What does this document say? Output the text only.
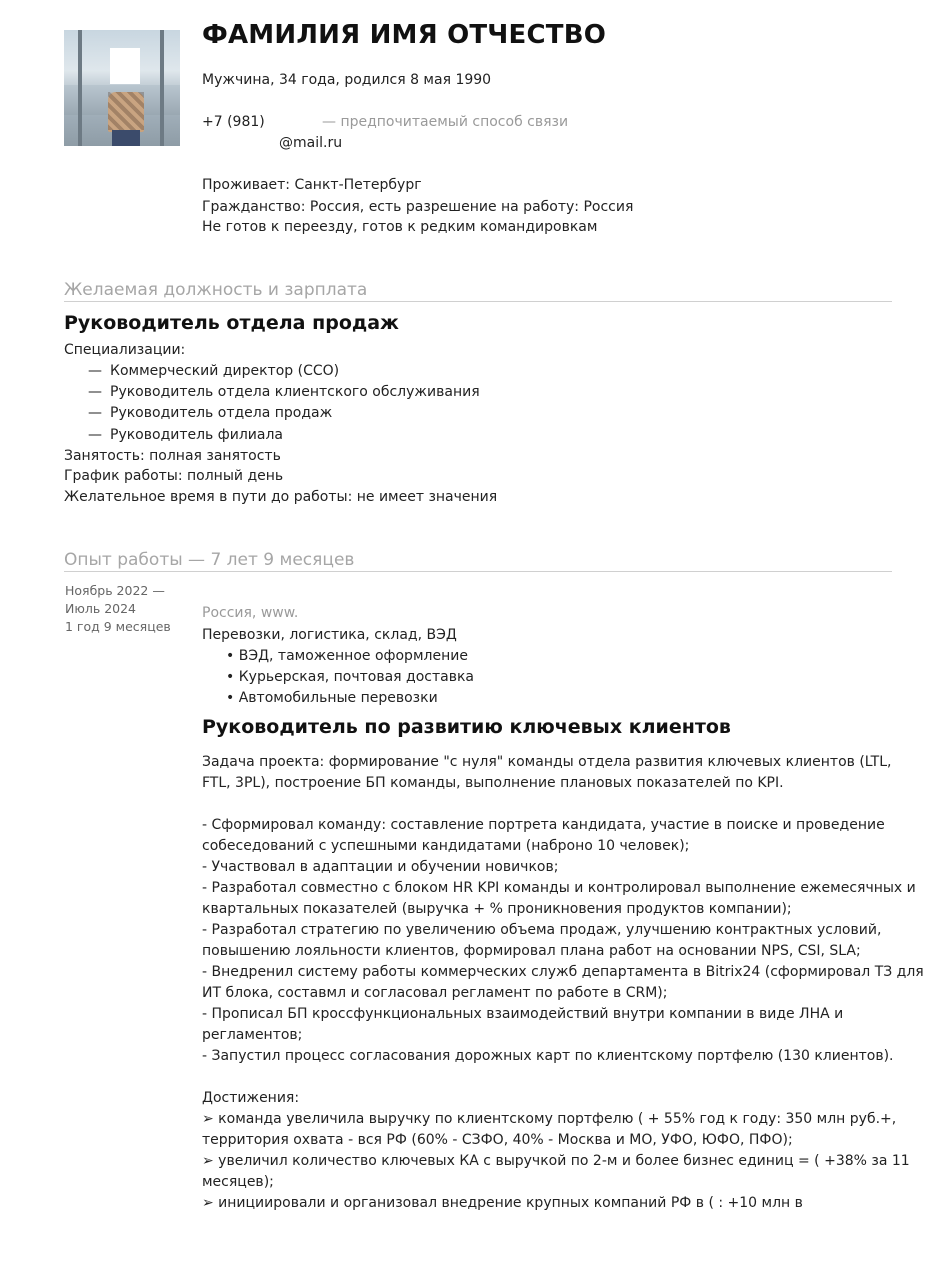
ФАМИЛИЯ ИМЯ ОТЧЕСТВО
Мужчина, 34 года, родился 8 мая 1990
+7 (981)	— предпочитаемый способ связи
@mail.ru
Проживает: Санкт-Петербург
Гражданство: Россия, есть разрешение на работу: Россия
Не готов к переезду, готов к редким командировкам
Желаемая должность и зарплата
Руководитель отдела продаж
Специализации:
— Коммерческий директор (CCO)
— Руководитель отдела клиентского обслуживания
— Руководитель отдела продаж
— Руководитель филиала
Занятость: полная занятость
График работы: полный день
Желательное время в пути до работы: не имеет значения
Опыт работы — 7 лет 9 месяцев
Ноябрь 2022 —
Июль 2024
1 год 9 месяцев
Россия, www.
Перевозки, логистика, склад, ВЭД
• ВЭД, таможенное оформление
• Курьерская, почтовая доставка
• Автомобильные перевозки
Руководитель по развитию ключевых клиентов
Задача проекта: формирование "с нуля" команды отдела развития ключевых клиентов (LTL,
FTL, 3PL), построение БП команды, выполнение плановых показателей по KPI.
- Сформировал команду: составление портрета кандидата, участие в поиске и проведение
собеседований с успешными кандидатами (наброно 10 человек);
- Участвовал в адаптации и обучении новичков;
- Разработал совместно с блоком HR KPI команды и контролировал выполнение ежемесячных и
квартальных показателей (выручка + % проникновения продуктов компании);
- Разработал стратегию по увеличению объема продаж, улучшению контрактных условий,
повышению лояльности клиентов, формировал плана работ на основании NPS, CSI, SLA;
- Внедренил систему работы коммерческих служб департамента в Bitrix24 (сформировал ТЗ для
ИТ блока, составмл и согласовал регламент по работе в CRM);
- Прописал БП кроссфункциональных взаимодействий внутри компании в виде ЛНА и
регламентов;
- Запустил процесс согласования дорожных карт по клиентскому портфелю (130 клиентов).
Достижения:
➢ команда увеличила выручку по клиентскому портфелю ( + 55% год к году: 350 млн руб.+,
территория охвата - вся РФ (60% - СЗФО, 40% - Москва и МО, УФО, ЮФО, ПФО);
➢ увеличил количество ключевых КА с выручкой по 2-м и более бизнес единиц = ( +38% за 11
месяцев);
➢ инициировали и организовал внедрение крупных компаний РФ в ( : +10 млн в
